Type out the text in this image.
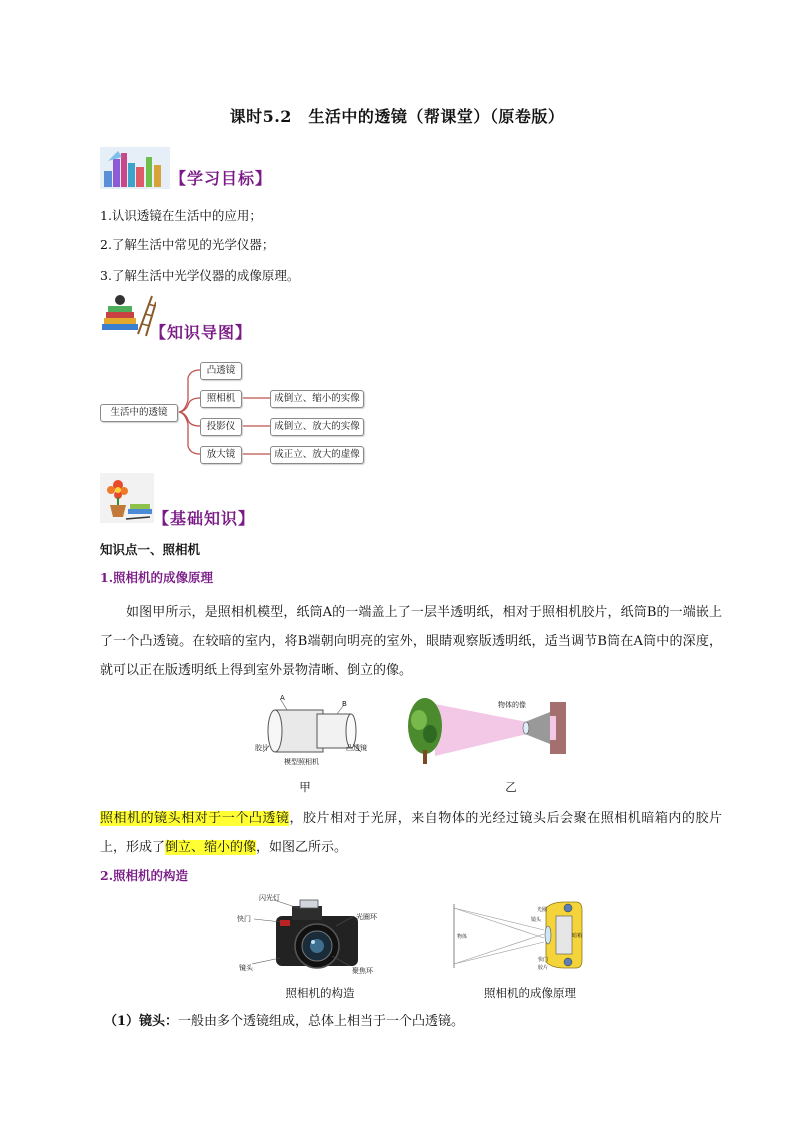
课时5.2　生活中的透镜（帮课堂）（原卷版）
【学习目标】
1.认识透镜在生活中的应用；
2.了解生活中常见的光学仪器；
3.了解生活中光学仪器的成像原理。
【知识导图】
生活中的透镜
凸透镜
照相机
投影仪
放大镜
成倒立、缩小的实像
成倒立、放大的实像
成正立、放大的虚像
【基础知识】
知识点一、照相机
1.照相机的成像原理
如图甲所示，是照相机模型，纸筒A的一端盖上了一层半透明纸，相对于照相机胶片，纸筒B的一端嵌上了一个凸透镜。在较暗的室内，将B端朝向明亮的室外，眼睛观察版透明纸，适当调节B筒在A筒中的深度，就可以正在版透明纸上得到室外景物清晰、倒立的像。
A
B
胶片	凸透镜
模型照相机
物体的像
甲	乙
照相机的镜头相对于一个凸透镜，胶片相对于光屏，来自物体的光经过镜头后会聚在照相机暗箱内的胶片上，形成了倒立、缩小的像，如图乙所示。
2.照相机的构造
闪光灯
快门	光圈环
镜头	聚焦环
物体
光圈
镜头
快门
胶片
暗箱
照相机的构造	照相机的成像原理
（1）镜头：一般由多个透镜组成，总体上相当于一个凸透镜。
